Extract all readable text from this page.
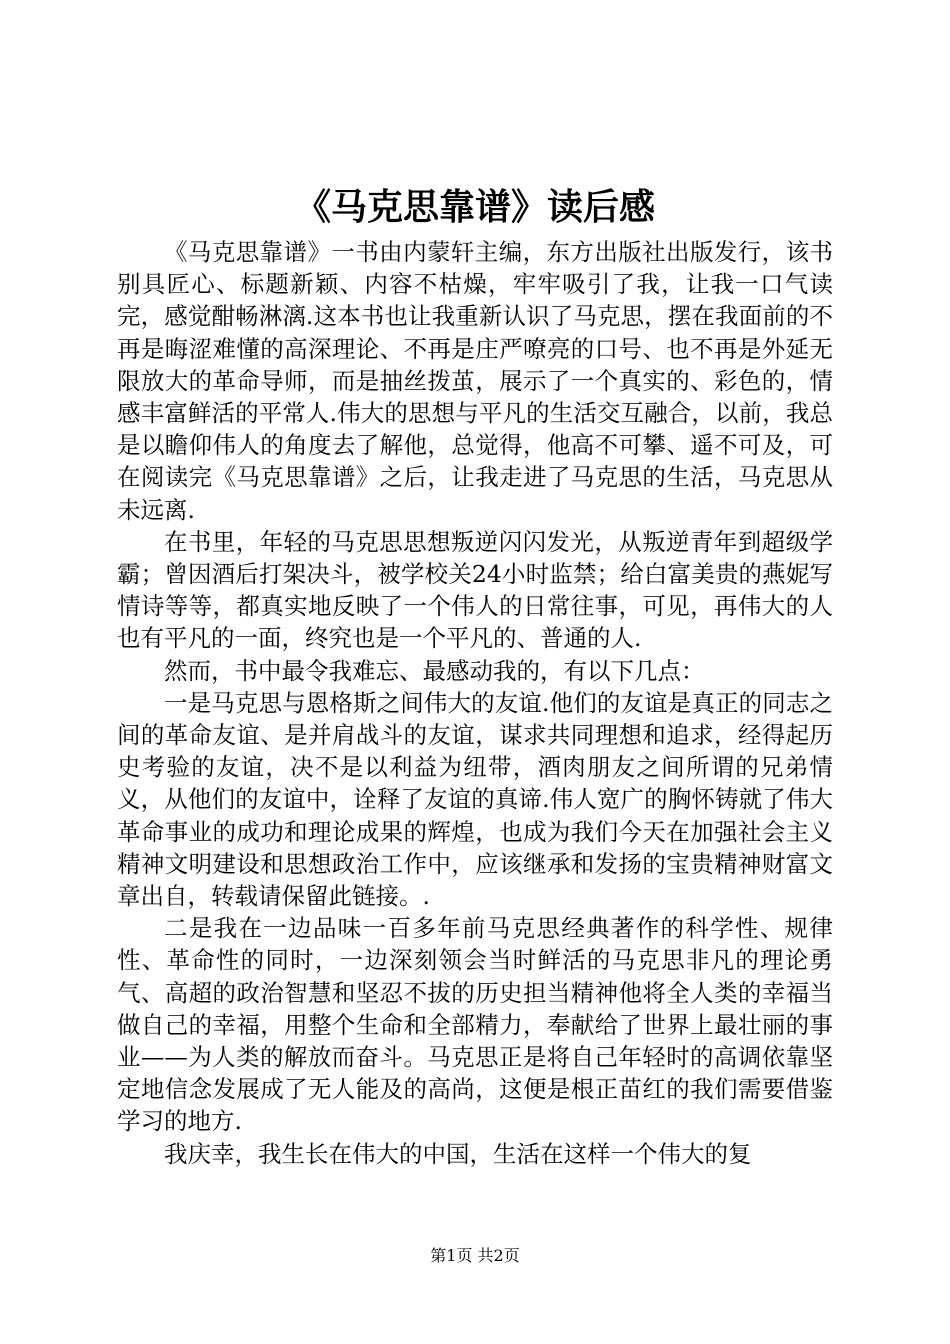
《马克思靠谱》读后感

《马克思靠谱》一书由内蒙轩主编，东方出版社出版发行，该书别具匠心、标题新颖、内容不枯燥，牢牢吸引了我，让我一口气读完，感觉酣畅淋漓.这本书也让我重新认识了马克思，摆在我面前的不再是晦涩难懂的高深理论、不再是庄严嘹亮的口号、也不再是外延无限放大的革命导师，而是抽丝拨茧，展示了一个真实的、彩色的，情感丰富鲜活的平常人.伟大的思想与平凡的生活交互融合，以前，我总是以瞻仰伟人的角度去了解他，总觉得，他高不可攀、遥不可及，可在阅读完《马克思靠谱》之后，让我走进了马克思的生活，马克思从未远离.

在书里，年轻的马克思思想叛逆闪闪发光，从叛逆青年到超级学霸；曾因酒后打架决斗，被学校关24小时监禁；给白富美贵的燕妮写情诗等等，都真实地反映了一个伟人的日常往事，可见，再伟大的人也有平凡的一面，终究也是一个平凡的、普通的人.

然而，书中最令我难忘、最感动我的，有以下几点：

一是马克思与恩格斯之间伟大的友谊.他们的友谊是真正的同志之间的革命友谊、是并肩战斗的友谊，谋求共同理想和追求，经得起历史考验的友谊，决不是以利益为纽带，酒肉朋友之间所谓的兄弟情义，从他们的友谊中，诠释了友谊的真谛.伟人宽广的胸怀铸就了伟大革命事业的成功和理论成果的辉煌，也成为我们今天在加强社会主义精神文明建设和思想政治工作中，应该继承和发扬的宝贵精神财富文章出自，转载请保留此链接。.

二是我在一边品味一百多年前马克思经典著作的科学性、规律性、革命性的同时，一边深刻领会当时鲜活的马克思非凡的理论勇气、高超的政治智慧和坚忍不拔的历史担当精神他将全人类的幸福当做自己的幸福，用整个生命和全部精力，奉献给了世界上最壮丽的事业——为人类的解放而奋斗。马克思正是将自己年轻时的高调依靠坚定地信念发展成了无人能及的高尚，这便是根正苗红的我们需要借鉴学习的地方.

我庆幸，我生长在伟大的中国，生活在这样一个伟大的复

第1页 共2页
